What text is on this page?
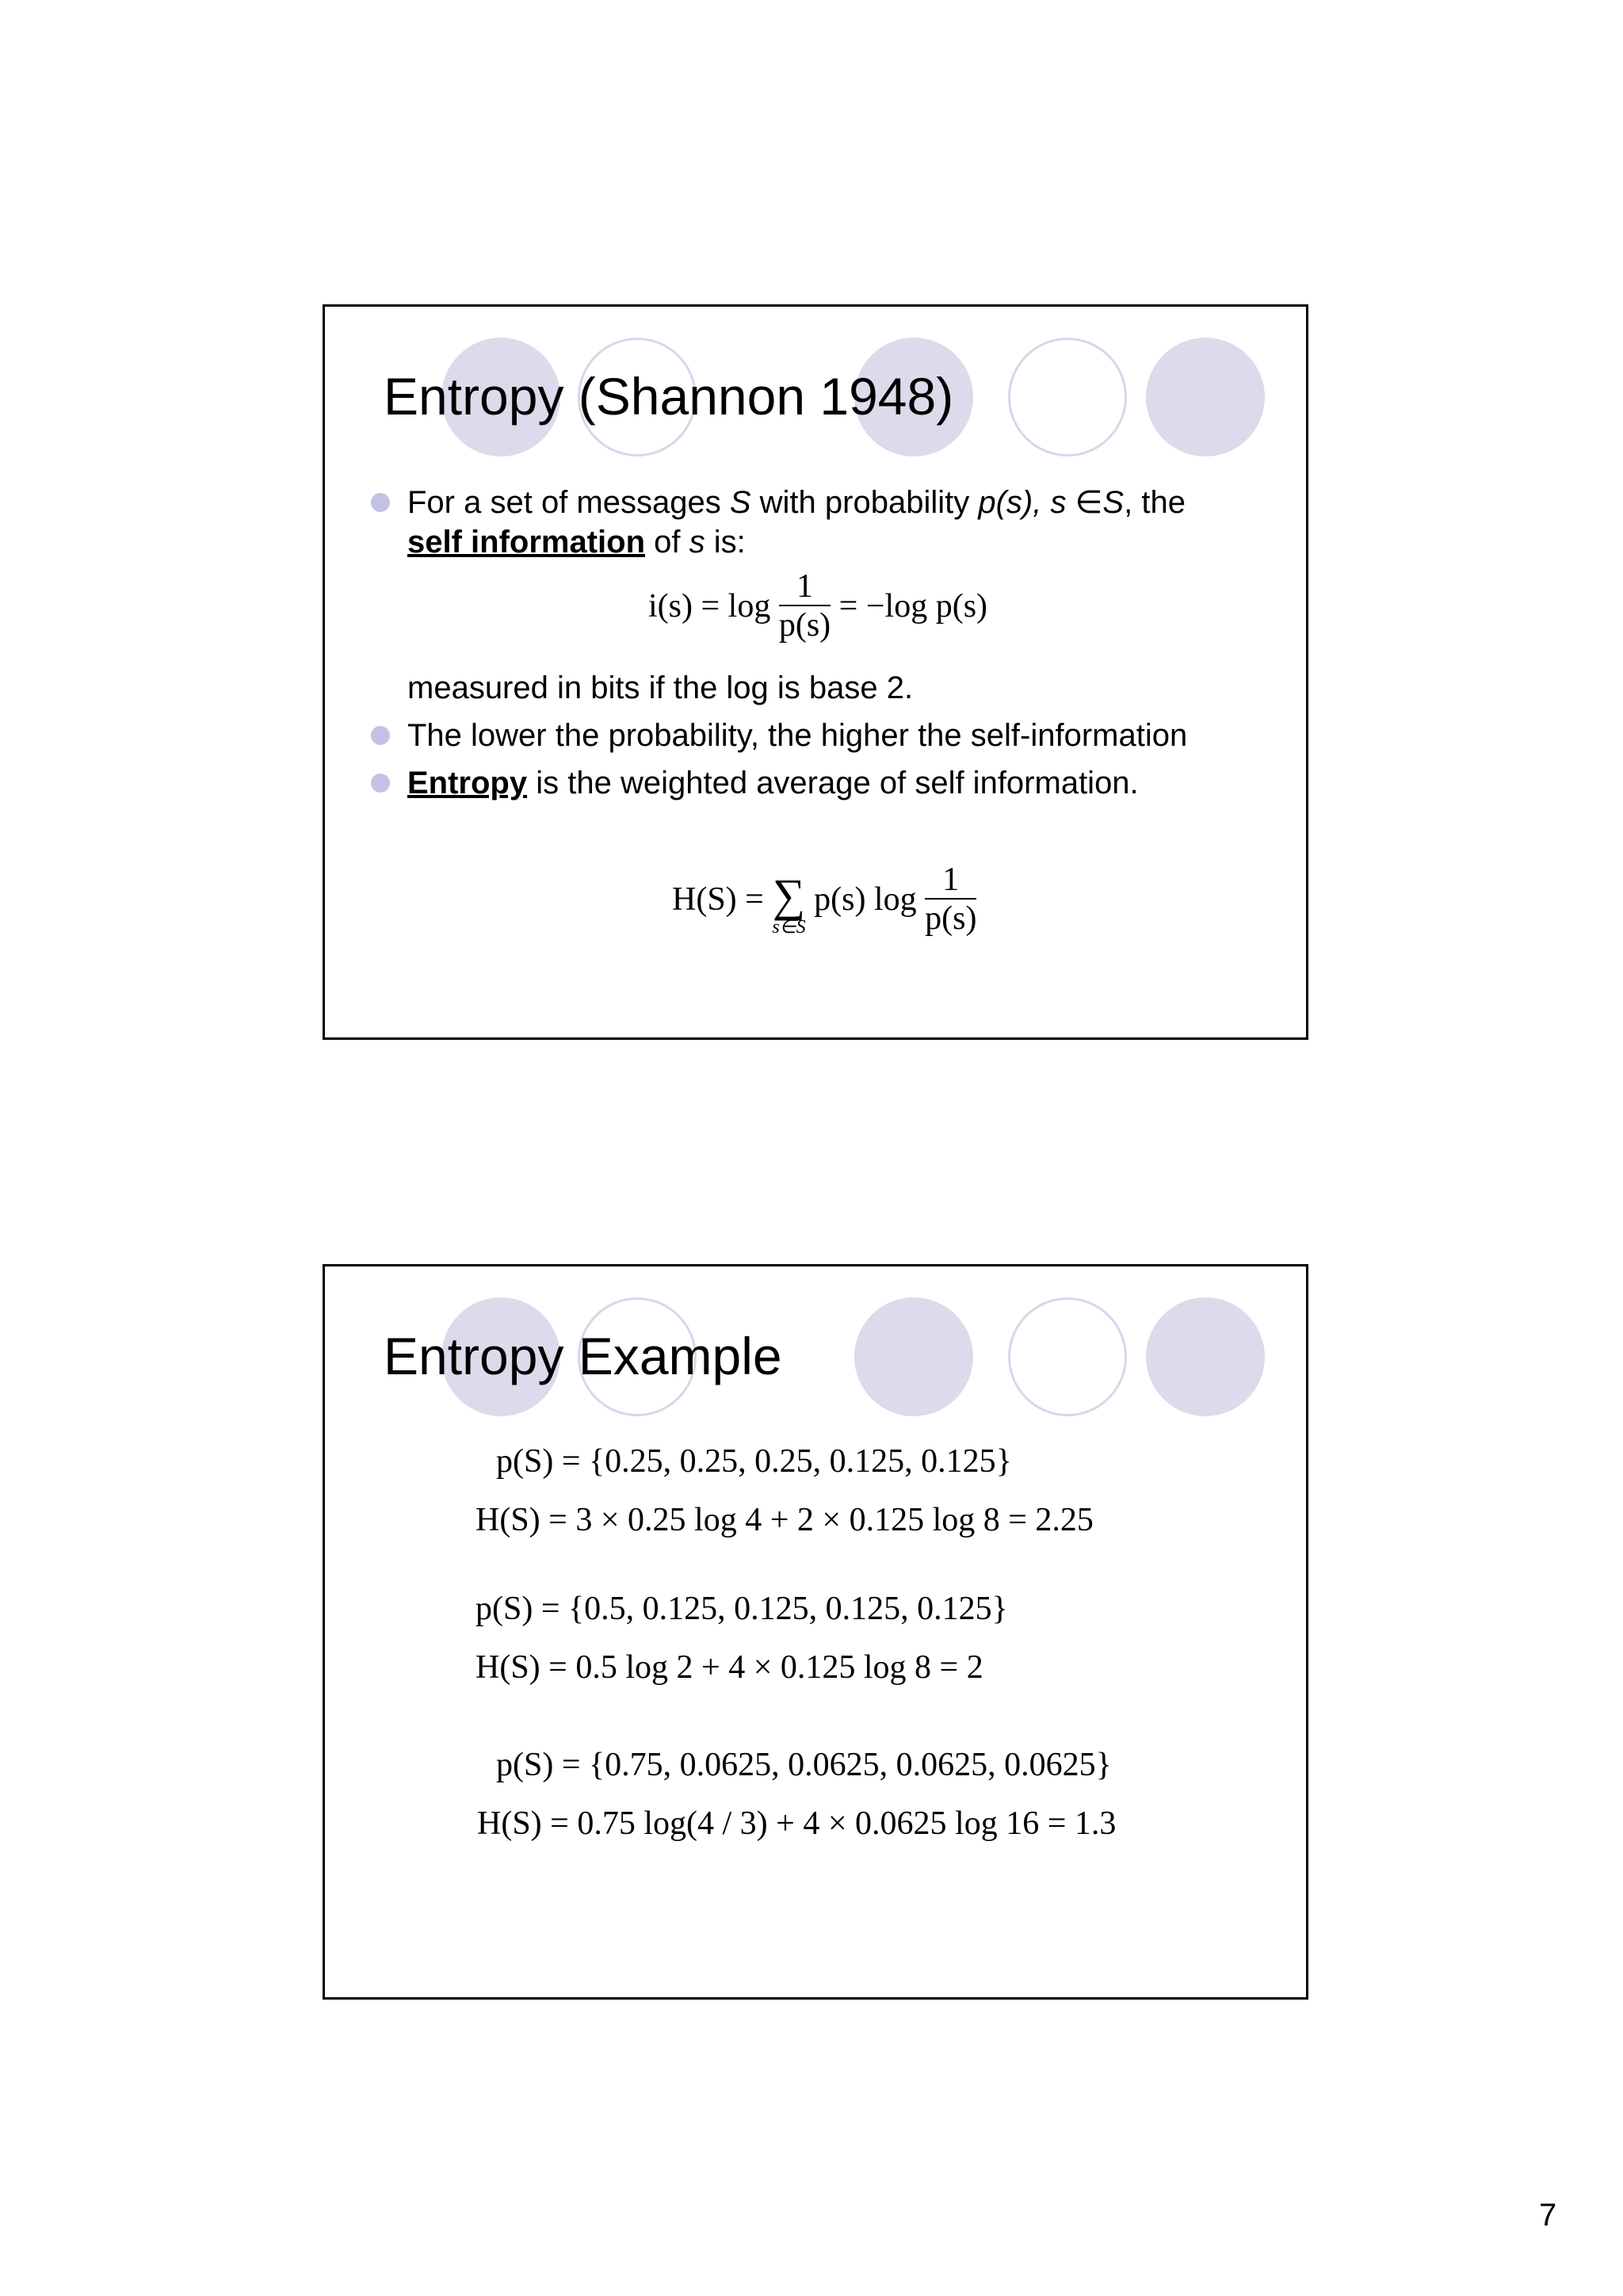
Entropy (Shannon 1948)
For a set of messages S with probability p(s), s ∈S, the
self information of s is:
$i(s) = \log \frac{1}{p(s)} = -\log$ p(s)
measured in bits if the log is base 2.
The lower the probability, the higher the self-information
Entropy is the weighted average of self information.
H(S) = ∑
s∈S
p(s) $\log \frac{1}{p(s)}$
Entropy Example
p(S) = {0.25, 0.25, 0.25, 0.125, 0.125}
H(S) = 3 × 0.25 log 4 + 2 × 0.125 log 8 = 2.25
p(S) = {0.5, 0.125, 0.125, 0.125, 0.125}
H(S) = 0.5 log 2 + 4 × 0.125 log 8 = 2
p(S) = {0.75, 0.0625, 0.0625, 0.0625, 0.0625}
H(S) = 0.75 log(4 / 3) + 4 × 0.0625 log 16 = 1.3
7
